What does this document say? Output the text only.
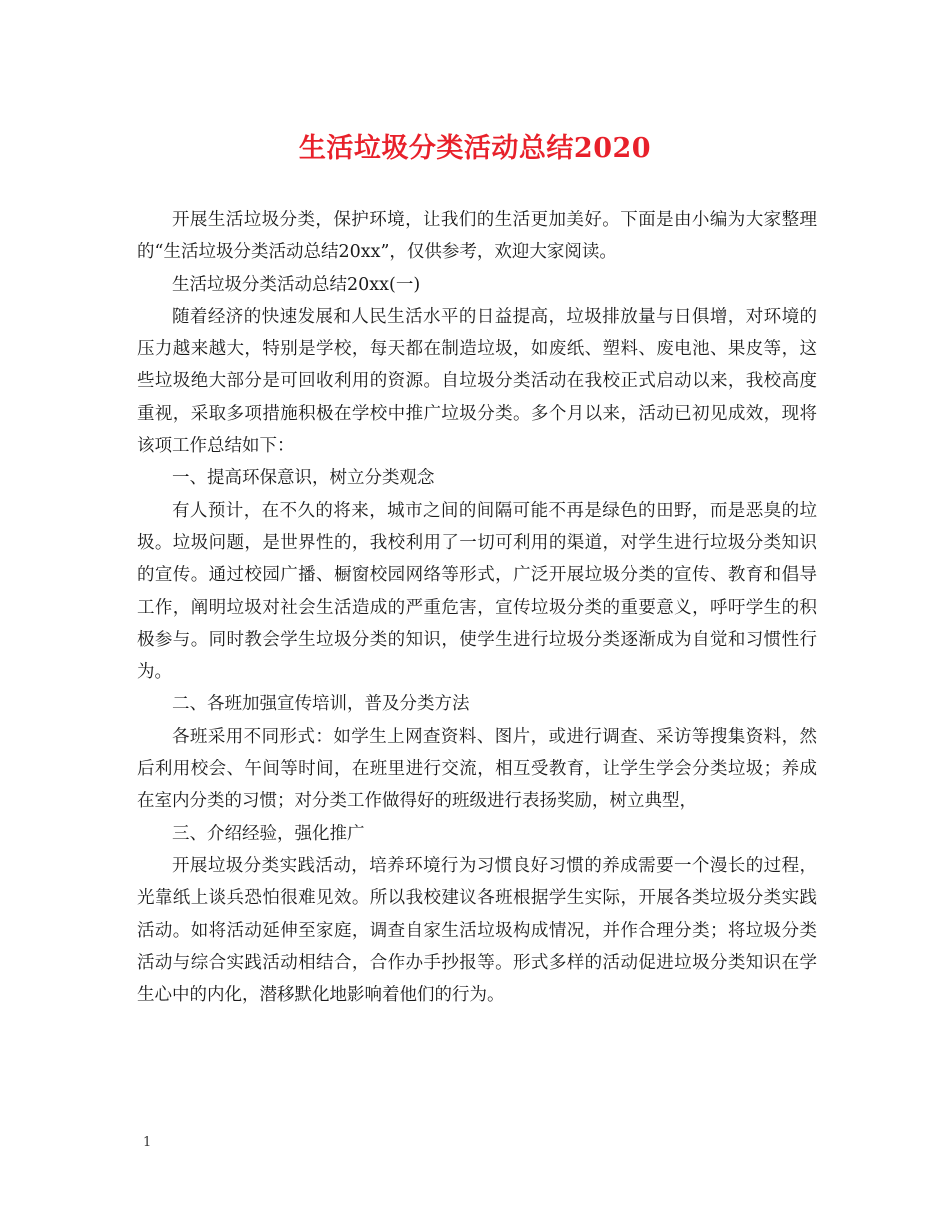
生活垃圾分类活动总结2020

开展生活垃圾分类，保护环境，让我们的生活更加美好。下面是由小编为大家整理的“生活垃圾分类活动总结20xx”，仅供参考，欢迎大家阅读。

生活垃圾分类活动总结20xx(一)

随着经济的快速发展和人民生活水平的日益提高，垃圾排放量与日俱增，对环境的压力越来越大，特别是学校，每天都在制造垃圾，如废纸、塑料、废电池、果皮等，这些垃圾绝大部分是可回收利用的资源。自垃圾分类活动在我校正式启动以来，我校高度重视，采取多项措施积极在学校中推广垃圾分类。多个月以来，活动已初见成效，现将该项工作总结如下：

一、提高环保意识，树立分类观念

有人预计，在不久的将来，城市之间的间隔可能不再是绿色的田野，而是恶臭的垃圾。垃圾问题，是世界性的，我校利用了一切可利用的渠道，对学生进行垃圾分类知识的宣传。通过校园广播、橱窗校园网络等形式，广泛开展垃圾分类的宣传、教育和倡导工作，阐明垃圾对社会生活造成的严重危害，宣传垃圾分类的重要意义，呼吁学生的积极参与。同时教会学生垃圾分类的知识，使学生进行垃圾分类逐渐成为自觉和习惯性行为。

二、各班加强宣传培训，普及分类方法

各班采用不同形式：如学生上网查资料、图片，或进行调查、采访等搜集资料，然后利用校会、午间等时间，在班里进行交流，相互受教育，让学生学会分类垃圾；养成在室内分类的习惯；对分类工作做得好的班级进行表扬奖励，树立典型，

三、介绍经验，强化推广

开展垃圾分类实践活动，培养环境行为习惯良好习惯的养成需要一个漫长的过程，光靠纸上谈兵恐怕很难见效。所以我校建议各班根据学生实际，开展各类垃圾分类实践活动。如将活动延伸至家庭，调查自家生活垃圾构成情况，并作合理分类；将垃圾分类活动与综合实践活动相结合，合作办手抄报等。形式多样的活动促进垃圾分类知识在学生心中的内化，潜移默化地影响着他们的行为。

1
